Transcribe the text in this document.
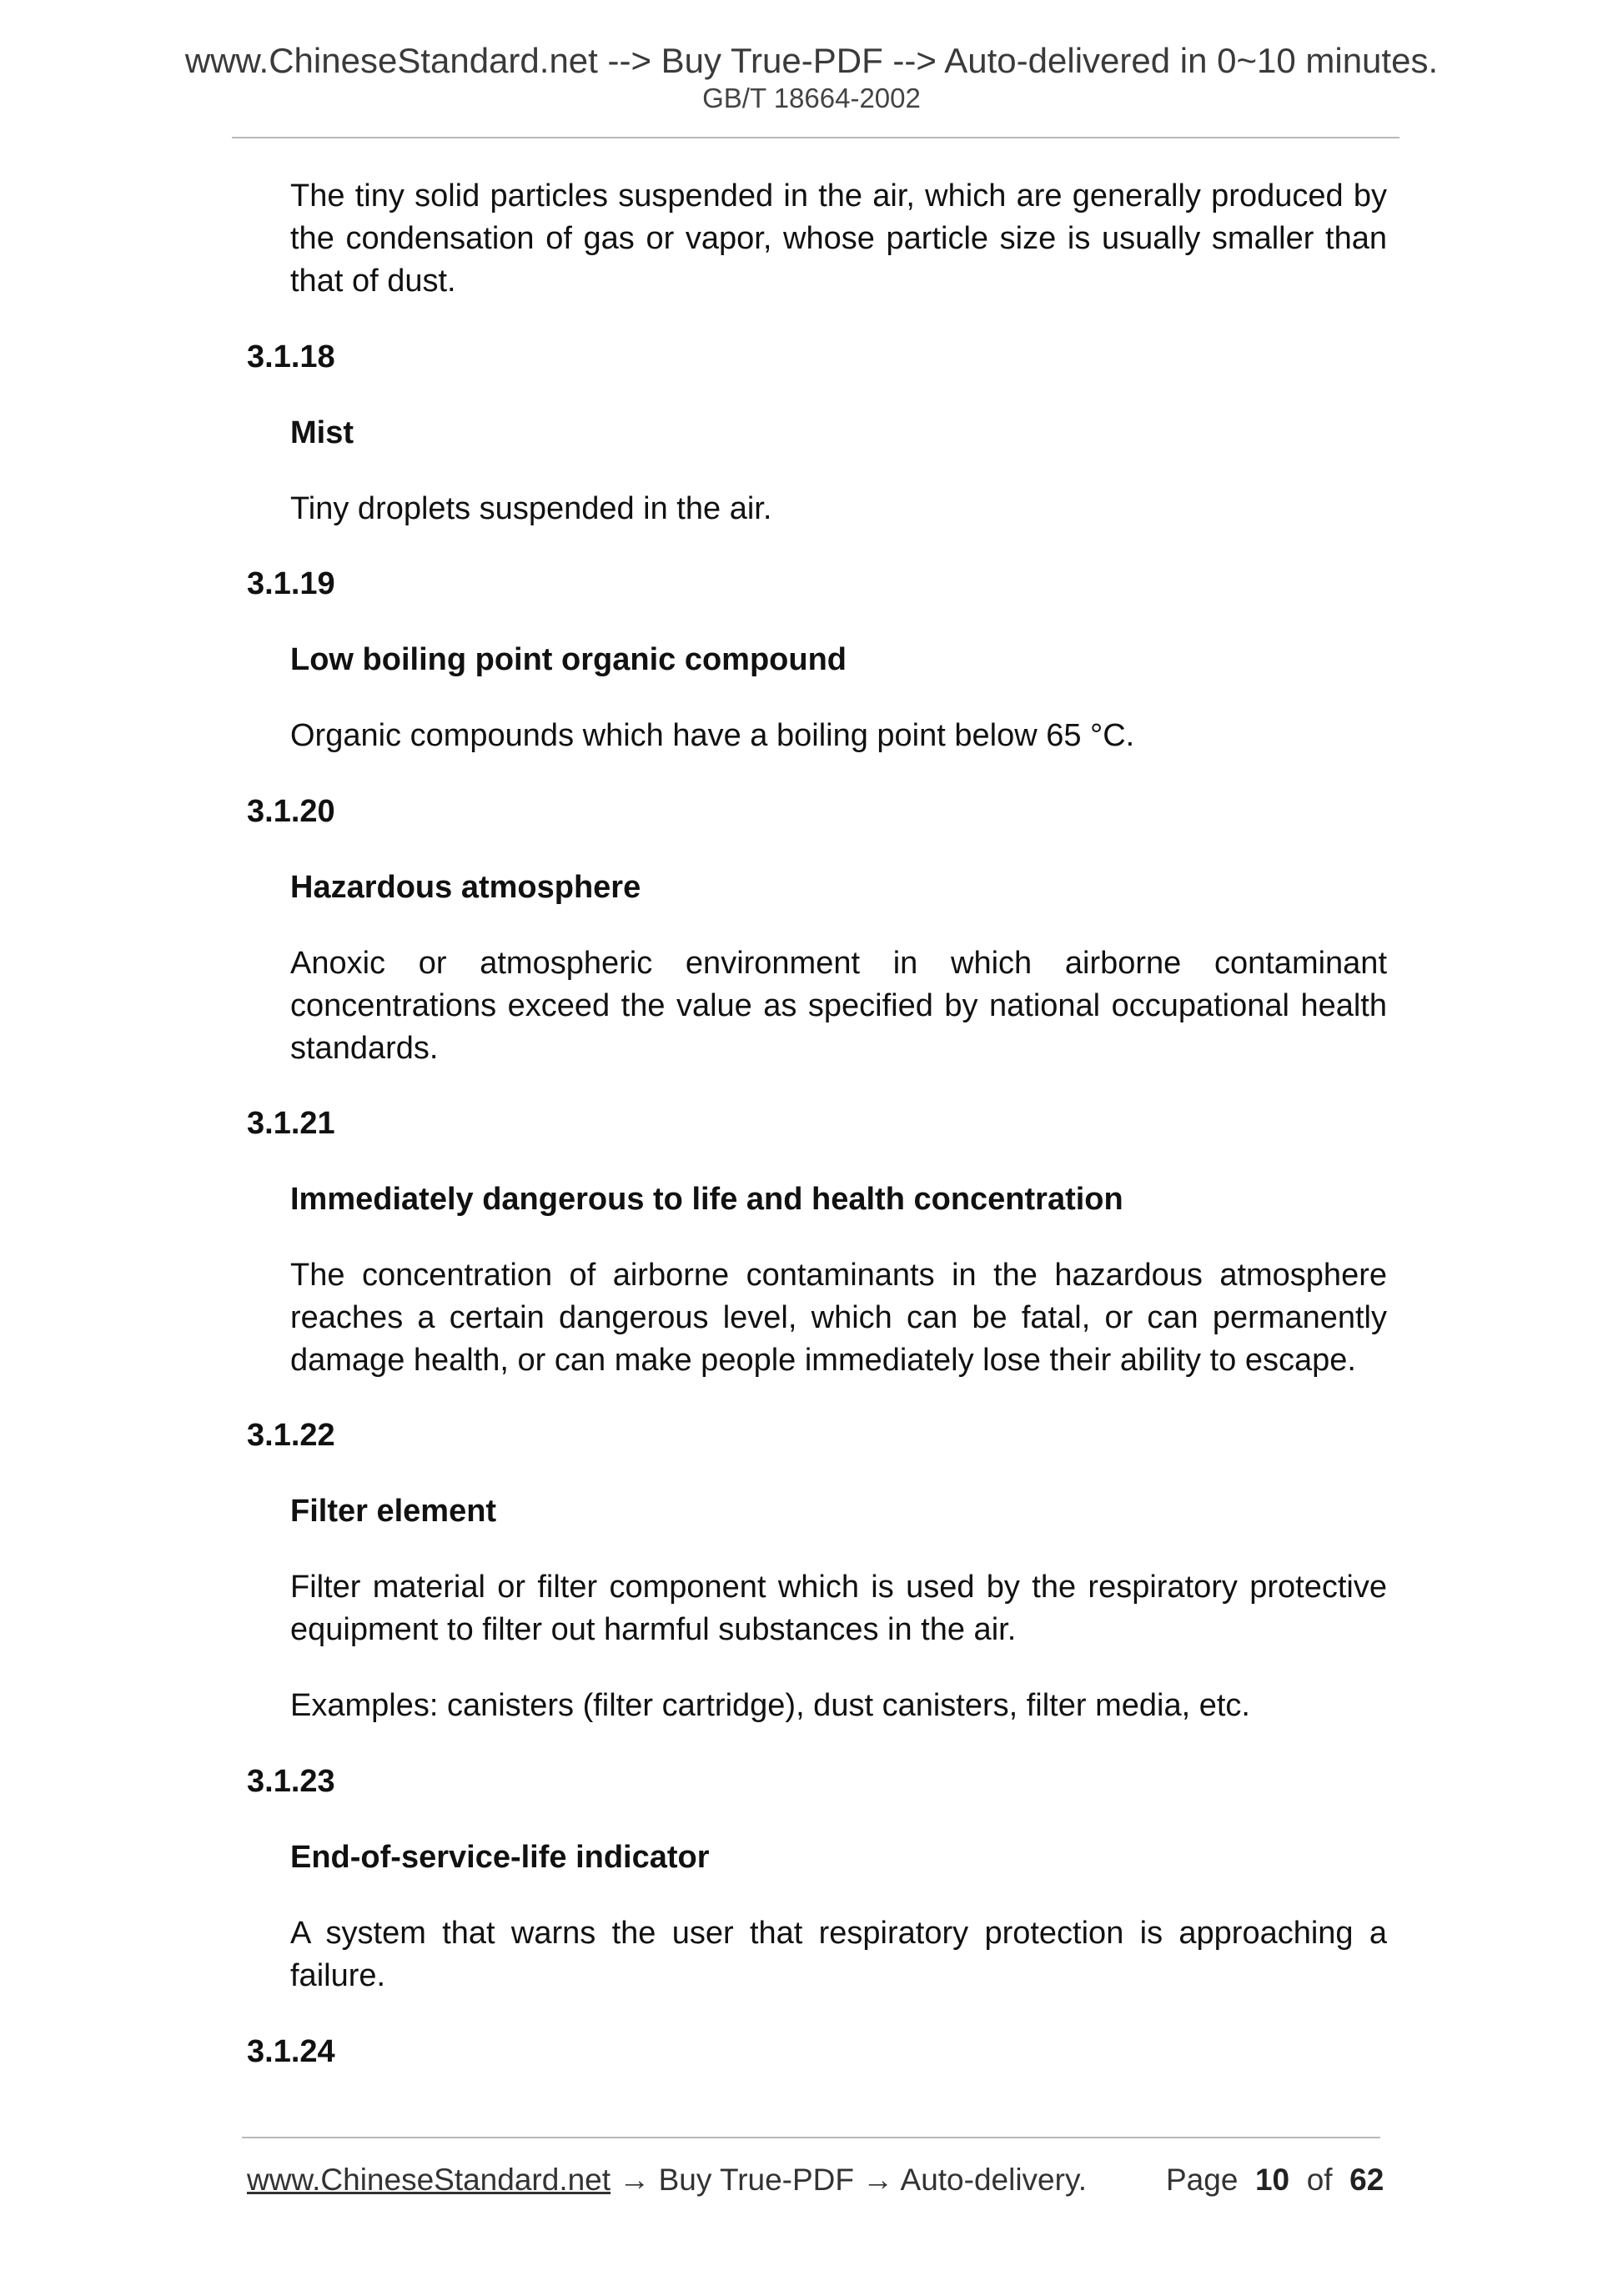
www.ChineseStandard.net --> Buy True-PDF --> Auto-delivered in 0~10 minutes.
GB/T 18664-2002
The tiny solid particles suspended in the air, which are generally produced by the condensation of gas or vapor, whose particle size is usually smaller than that of dust.
3.1.18
Mist
Tiny droplets suspended in the air.
3.1.19
Low boiling point organic compound
Organic compounds which have a boiling point below 65 °C.
3.1.20
Hazardous atmosphere
Anoxic or atmospheric environment in which airborne contaminant concentrations exceed the value as specified by national occupational health standards.
3.1.21
Immediately dangerous to life and health concentration
The concentration of airborne contaminants in the hazardous atmosphere reaches a certain dangerous level, which can be fatal, or can permanently damage health, or can make people immediately lose their ability to escape.
3.1.22
Filter element
Filter material or filter component which is used by the respiratory protective equipment to filter out harmful substances in the air.
Examples: canisters (filter cartridge), dust canisters, filter media, etc.
3.1.23
End-of-service-life indicator
A system that warns the user that respiratory protection is approaching a failure.
3.1.24
www.ChineseStandard.net → Buy True-PDF → Auto-delivery.	Page 10 of 62
